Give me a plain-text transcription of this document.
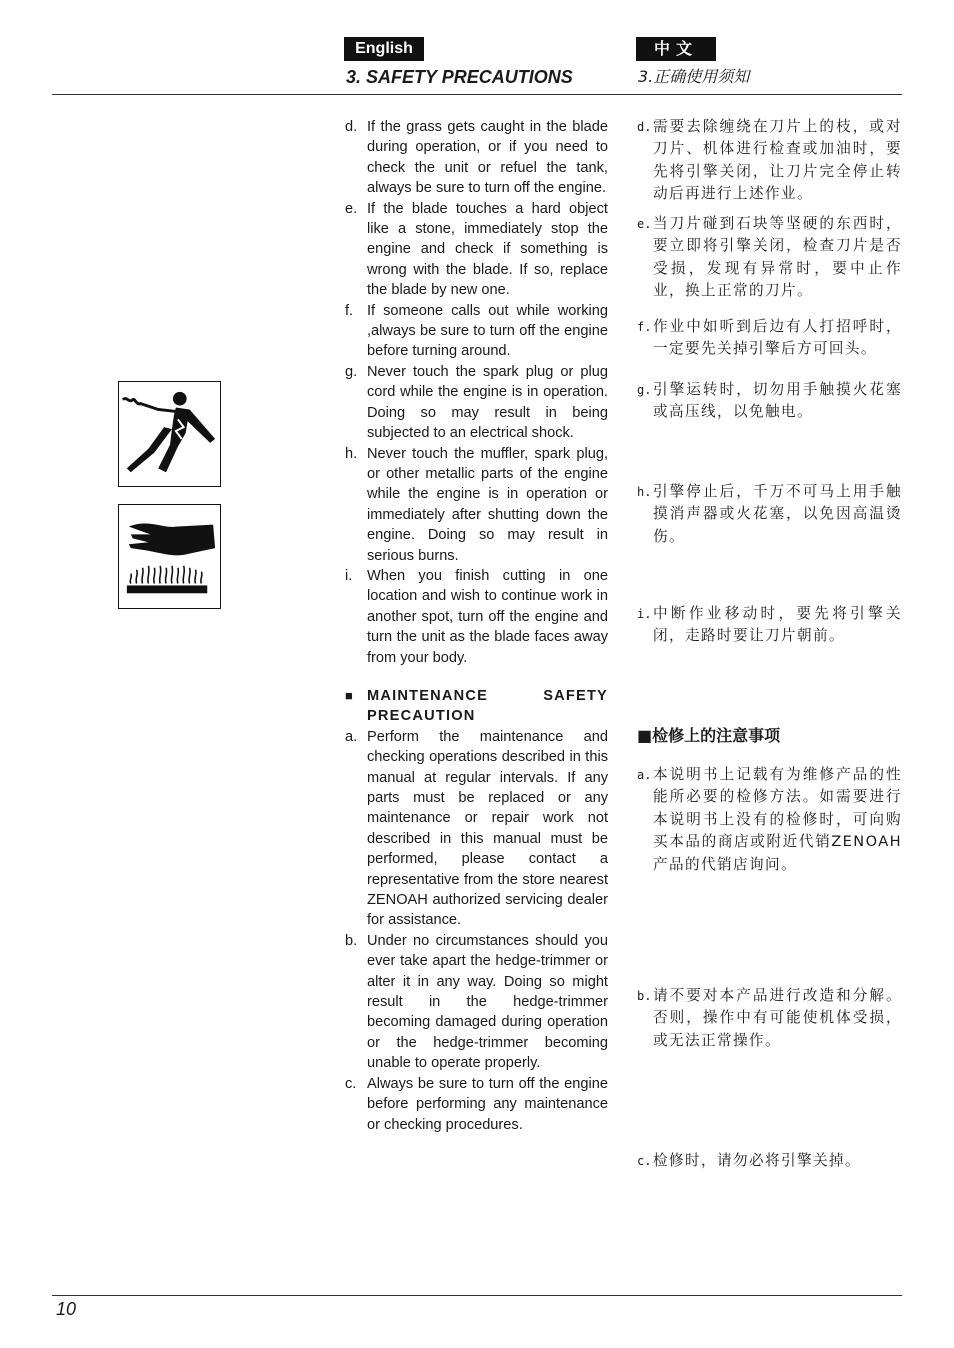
English	中文
3. SAFETY PRECAUTIONS	3.正确使用须知
d. If the grass gets caught in the blade during operation, or if you need to check the unit or refuel the tank, always be sure to turn off the engine.
e. If the blade touches a hard object like a stone, immediately stop the engine and check if something is wrong with the blade. If so, replace the blade by new one.
f. If someone calls out while working ,always be sure to turn off the engine before turning around.
g. Never touch the spark plug or plug cord while the engine is in operation. Doing so may result in being subjected to an electrical shock.
h. Never touch the muffler, spark plug, or other metallic parts of the engine while the engine is in operation or immediately after shutting down the engine. Doing so may result in serious burns.
i.	When you finish cutting in one location and wish to continue work in another spot, turn off the engine and turn the unit as the blade faces away from your body.
■ MAINTENANCE SAFETY PRECAUTION
a. Perform the maintenance and checking operations described in this manual at regular intervals. If any parts must be replaced or any maintenance or repair work not described in this manual must be performed, please contact a representative from the store nearest ZENOAH authorized servicing dealer for assistance.
b. Under no circumstances should you ever take apart the hedge-trimmer or alter it in any way. Doing so might result in the hedge-trimmer becoming damaged during operation or the hedge-trimmer becoming unable to operate properly.
c. Always be sure to turn off the engine before performing any maintenance or checking procedures.
d. 需要去除缠绕在刀片上的枝，或对刀片、机体进行检查或加油时，要先将引擎关闭，让刀片完全停止转动后再进行上述作业。
e. 当刀片碰到石块等坚硬的东西时，要立即将引擎关闭，检查刀片是否受损，发现有异常时，要中止作业，换上正常的刀片。
f. 作业中如听到后边有人打招呼时，一定要先关掉引擎后方可回头。
g. 引擎运转时，切勿用手触摸火花塞或高压线，以免触电。
h. 引擎停止后，千万不可马上用手触摸消声器或火花塞，以免因高温烫伤。
i. 中断作业移动时，要先将引擎关闭，走路时要让刀片朝前。
■检修上的注意事项
a. 本说明书上记载有为维修产品的性能所必要的检修方法。如需要进行本说明书上没有的检修时，可向购买本品的商店或附近代销ZENOAH产品的代销店询问。
b. 请不要对本产品进行改造和分解。否则，操作中有可能使机体受损，或无法正常操作。
c. 检修时，请勿必将引擎关掉。
10
